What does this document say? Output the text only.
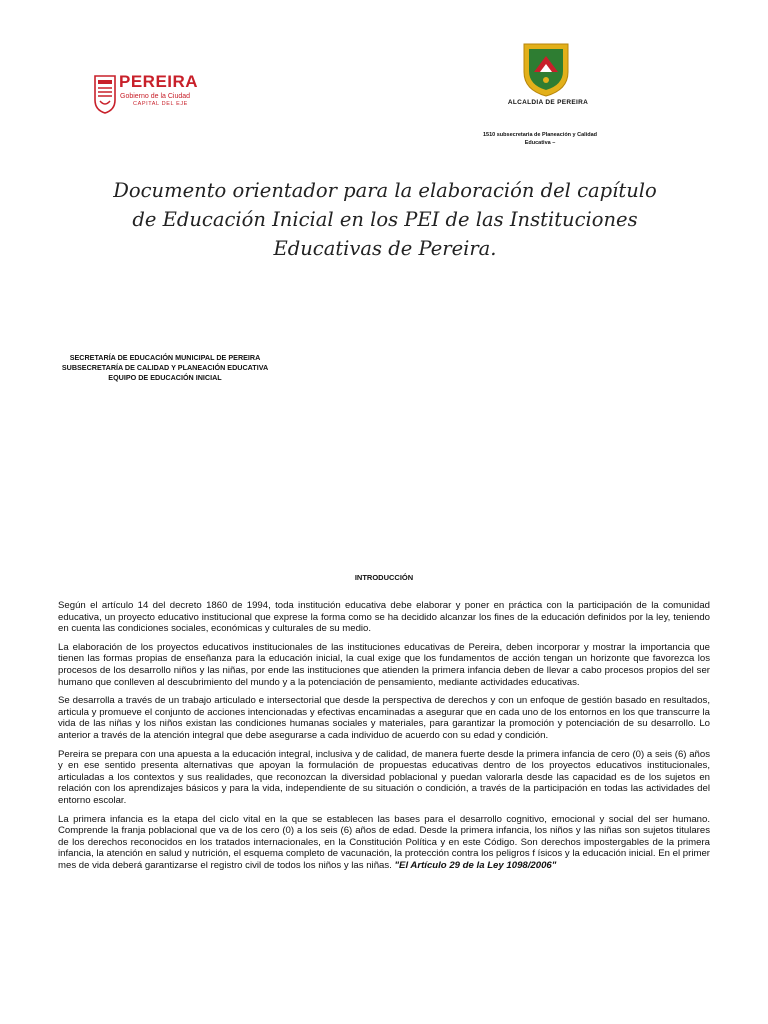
PEREIRA
Gobierno de la Ciudad
CAPITAL DEL EJE	ALCALDIA DE PEREIRA
1510 subsecretaria de Planeación y Calidad
Educativa –
Documento orientador para la elaboración del capítulo de Educación Inicial en los PEI de las Instituciones Educativas de Pereira.
SECRETARÍA DE EDUCACIÓN MUNICIPAL DE PEREIRA
SUBSECRETARÍA DE CALIDAD Y PLANEACIÓN EDUCATIVA
EQUIPO DE EDUCACIÓN INICIAL
INTRODUCCIÓN

Según el artículo 14 del decreto 1860 de 1994, toda institución educativa debe elaborar y poner en práctica con la participación de la comunidad educativa, un proyecto educativo institucional que exprese la forma como se ha decidido alcanzar los fines de la educación definidos por la ley, teniendo en cuenta las condiciones sociales, económicas y culturales de su medio.

La elaboración de los proyectos educativos institucionales de las instituciones educativas de Pereira, deben incorporar y mostrar la importancia que tienen las formas propias de enseñanza para la educación inicial, la cual exige que los fundamentos de acción tengan un horizonte que favorezca los procesos de los desarrollo niños y las niñas, por ende las instituciones que atienden la primera infancia deben de llevar a cabo procesos propios del ser humano que conlleven al descubrimiento del mundo y a la potenciación de pensamiento, mediante actividades educativas.

Se desarrolla a través de un trabajo articulado e intersectorial que desde la perspectiva de derechos y con un enfoque de gestión basado en resultados, articula y promueve el conjunto de acciones intencionadas y efectivas encaminadas a asegurar que en cada uno de los entornos en los que transcurre la vida de las niñas y los niños existan las condiciones humanas sociales y materiales, para garantizar la promoción y potenciación de su desarrollo. Lo anterior a través de la atención integral que debe asegurarse a cada individuo de acuerdo con su edad y condición.

Pereira se prepara con una apuesta a la educación integral, inclusiva y de calidad, de manera fuerte desde la primera infancia de cero (0) a seis (6) años y en ese sentido presenta alternativas que apoyan la formulación de propuestas educativas dentro de los proyectos educativos institucionales, articuladas a los contextos y sus realidades, que reconozcan la diversidad poblacional y puedan valorarla desde las capacidad es de los sujetos en relación con los aprendizajes básicos y para la vida, independiente de su situación o condición, a través de la participación en todas las actividades del entorno escolar.

La primera infancia es la etapa del ciclo vital en la que se establecen las bases para el desarrollo cognitivo, emocional y social del ser humano. Comprende la franja poblacional que va de los cero (0) a los seis (6) años de edad. Desde la primera infancia, los niños y las niñas son sujetos titulares de los derechos reconocidos en los tratados internacionales, en la Constitución Política y en este Código. Son derechos impostergables de la primera infancia, la atención en salud y nutrición, el esquema completo de vacunación, la protección contra los peligros f ísicos y la educación inicial. En el primer mes de vida deberá garantizarse el registro civil de todos los niños y las niñas. "El Artículo 29 de la Ley 1098/2006"
